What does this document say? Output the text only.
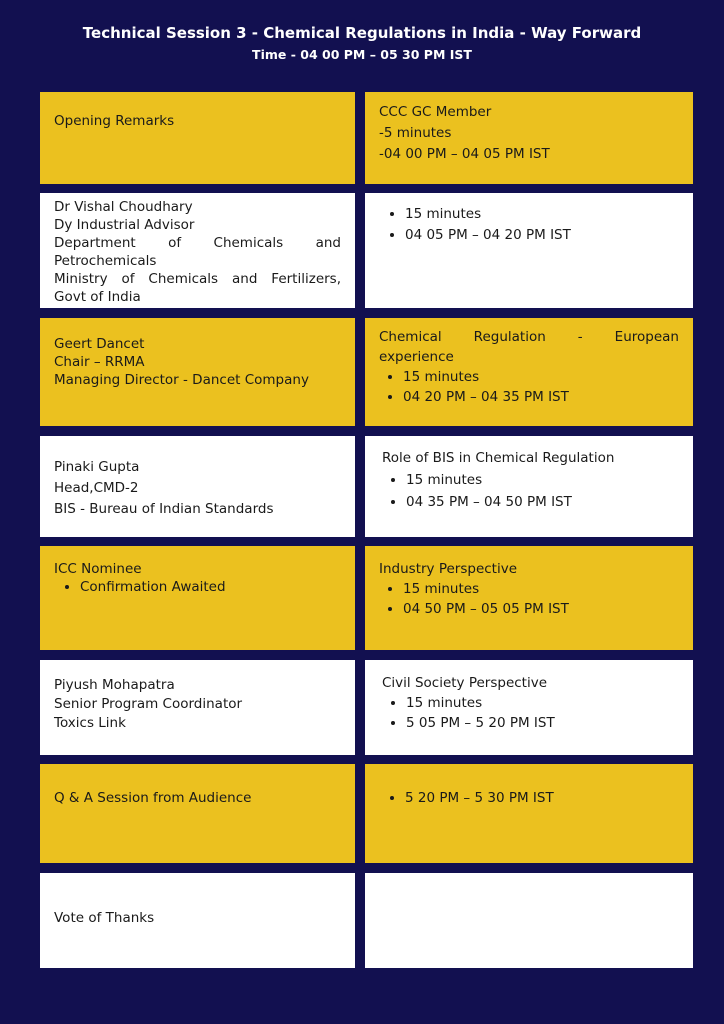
Technical Session 3 - Chemical Regulations in India - Way Forward
Time - 04 00 PM – 05 30 PM IST
Opening Remarks
CCC GC Member
-5 minutes
-04 00 PM – 04 05 PM IST
Dr Vishal Choudhary
Dy Industrial Advisor
Department of Chemicals and
Petrochemicals
Ministry of Chemicals and Fertilizers,
Govt of India
• 15 minutes
• 04 05 PM – 04 20 PM IST
Geert Dancet
Chair – RRMA
Managing Director - Dancet Company
Chemical Regulation - European
experience
• 15 minutes
• 04 20 PM – 04 35 PM IST
Pinaki Gupta
Head,CMD-2
BIS - Bureau of Indian Standards
Role of BIS in Chemical Regulation
• 15 minutes
• 04 35 PM – 04 50 PM IST
ICC Nominee
• Confirmation Awaited
Industry Perspective
• 15 minutes
• 04 50 PM – 05 05 PM IST
Piyush Mohapatra
Senior Program Coordinator
Toxics Link
Civil Society Perspective
• 15 minutes
• 5 05 PM – 5 20 PM IST
Q & A Session from Audience
•	5 20 PM – 5 30 PM IST
Vote of Thanks
